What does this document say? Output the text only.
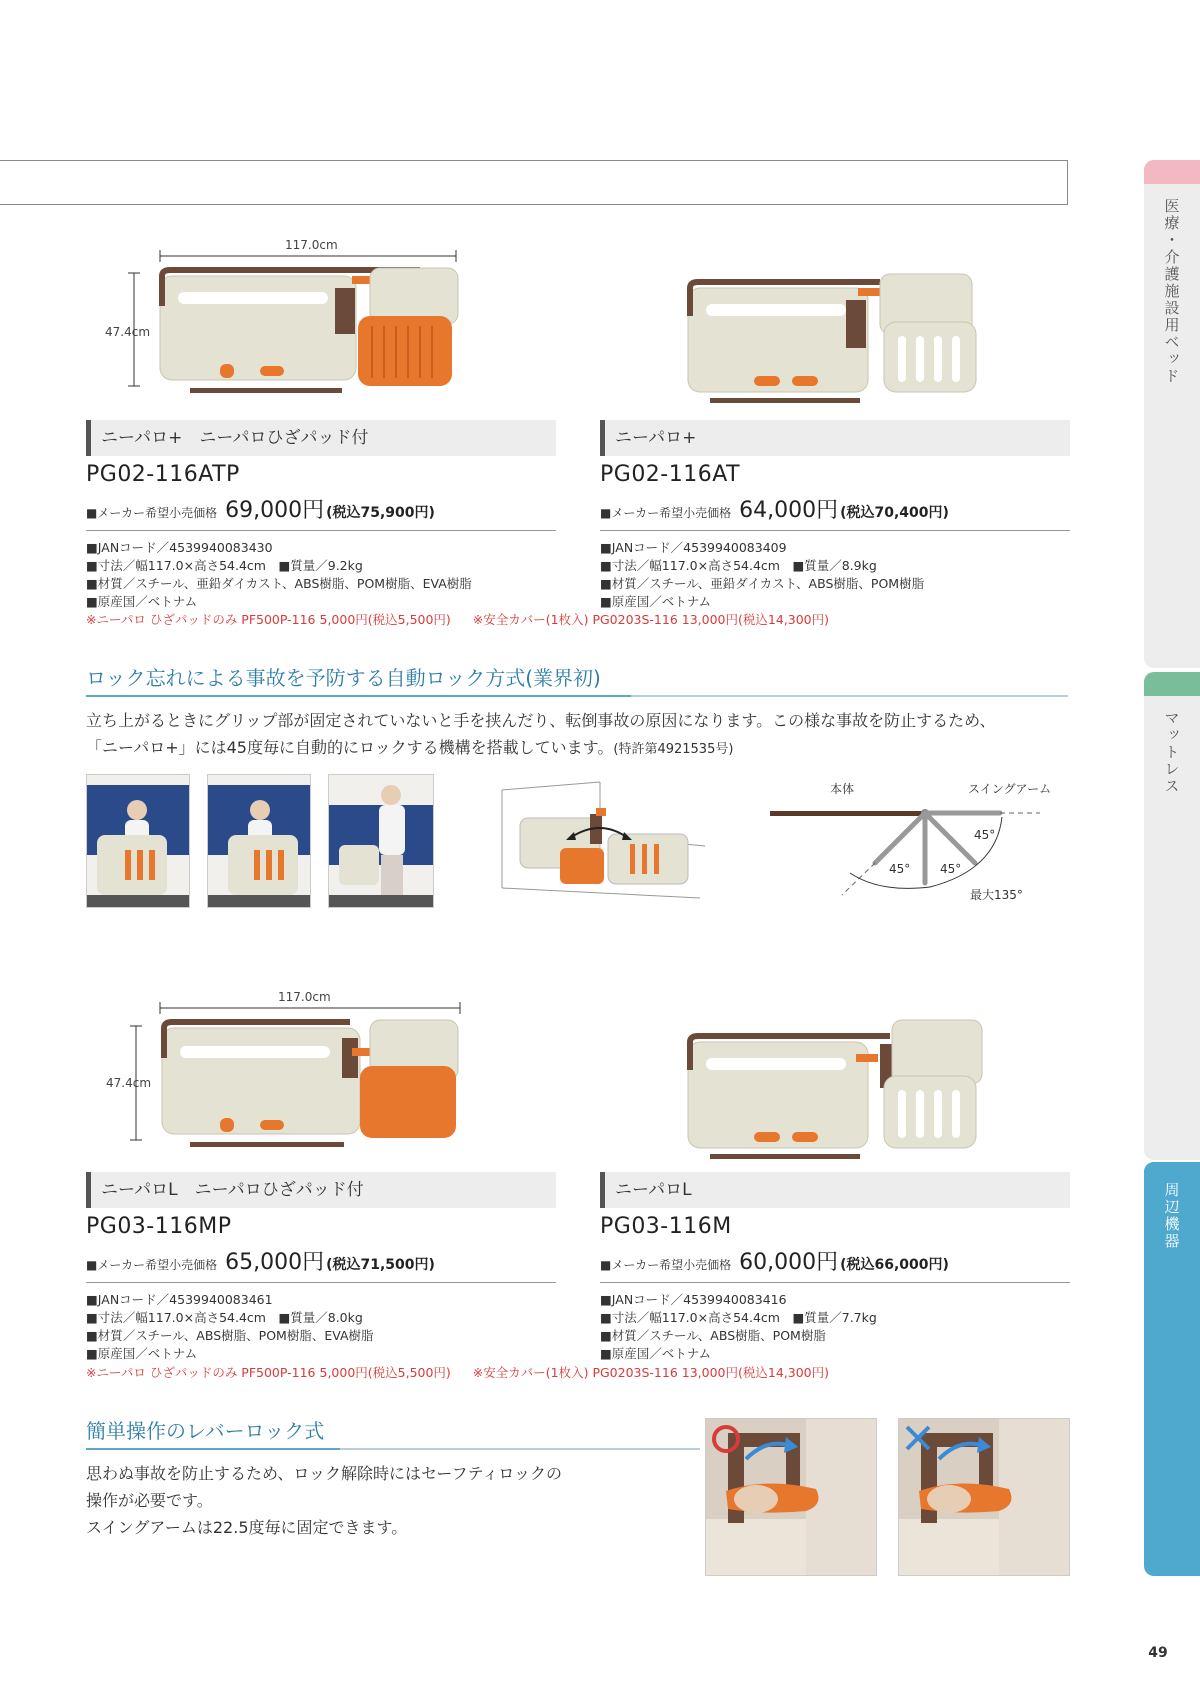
医療・介護施設用ベッド
マットレス
周辺機器
117.0cm
47.4cm
ニーパロ+　ニーパロひざパッド付
PG02-116ATP
■メーカー希望小売価格 69,000円 (税込75,900円)
■JANコード／4539940083430
■寸法／幅117.0×高さ54.4cm　■質量／9.2kg
■材質／スチール、亜鉛ダイカスト、ABS樹脂、POM樹脂、EVA樹脂
■原産国／ベトナム
ニーパロ+
PG02-116AT
■メーカー希望小売価格 64,000円 (税込70,400円)
■JANコード／4539940083409
■寸法／幅117.0×高さ54.4cm　■質量／8.9kg
■材質／スチール、亜鉛ダイカスト、ABS樹脂、POM樹脂
■原産国／ベトナム
※ニーパロ ひざパッドのみ PF500P-116 5,000円(税込5,500円) ※安全カバー(1枚入) PG0203S-116 13,000円(税込14,300円)
ロック忘れによる事故を予防する自動ロック方式(業界初)
立ち上がるときにグリップ部が固定されていないと手を挟んだり、転倒事故の原因になります。この様な事故を防止するため、
「ニーパロ+」には45度毎に自動的にロックする機構を搭載しています。(特許第4921535号)
本体	スイングアーム
45°
45° 45°
最大135°
117.0cm
47.4cm
ニーパロL　ニーパロひざパッド付
PG03-116MP
■メーカー希望小売価格 65,000円 (税込71,500円)
■JANコード／4539940083461
■寸法／幅117.0×高さ54.4cm　■質量／8.0kg
■材質／スチール、ABS樹脂、POM樹脂、EVA樹脂
■原産国／ベトナム
ニーパロL
PG03-116M
■メーカー希望小売価格 60,000円 (税込66,000円)
■JANコード／4539940083416
■寸法／幅117.0×高さ54.4cm　■質量／7.7kg
■材質／スチール、ABS樹脂、POM樹脂
■原産国／ベトナム
※ニーパロ ひざパッドのみ PF500P-116 5,000円(税込5,500円) ※安全カバー(1枚入) PG0203S-116 13,000円(税込14,300円)
簡単操作のレバーロック式
思わぬ事故を防止するため、ロック解除時にはセーフティロックの
操作が必要です。
スイングアームは22.5度毎に固定できます。
49
